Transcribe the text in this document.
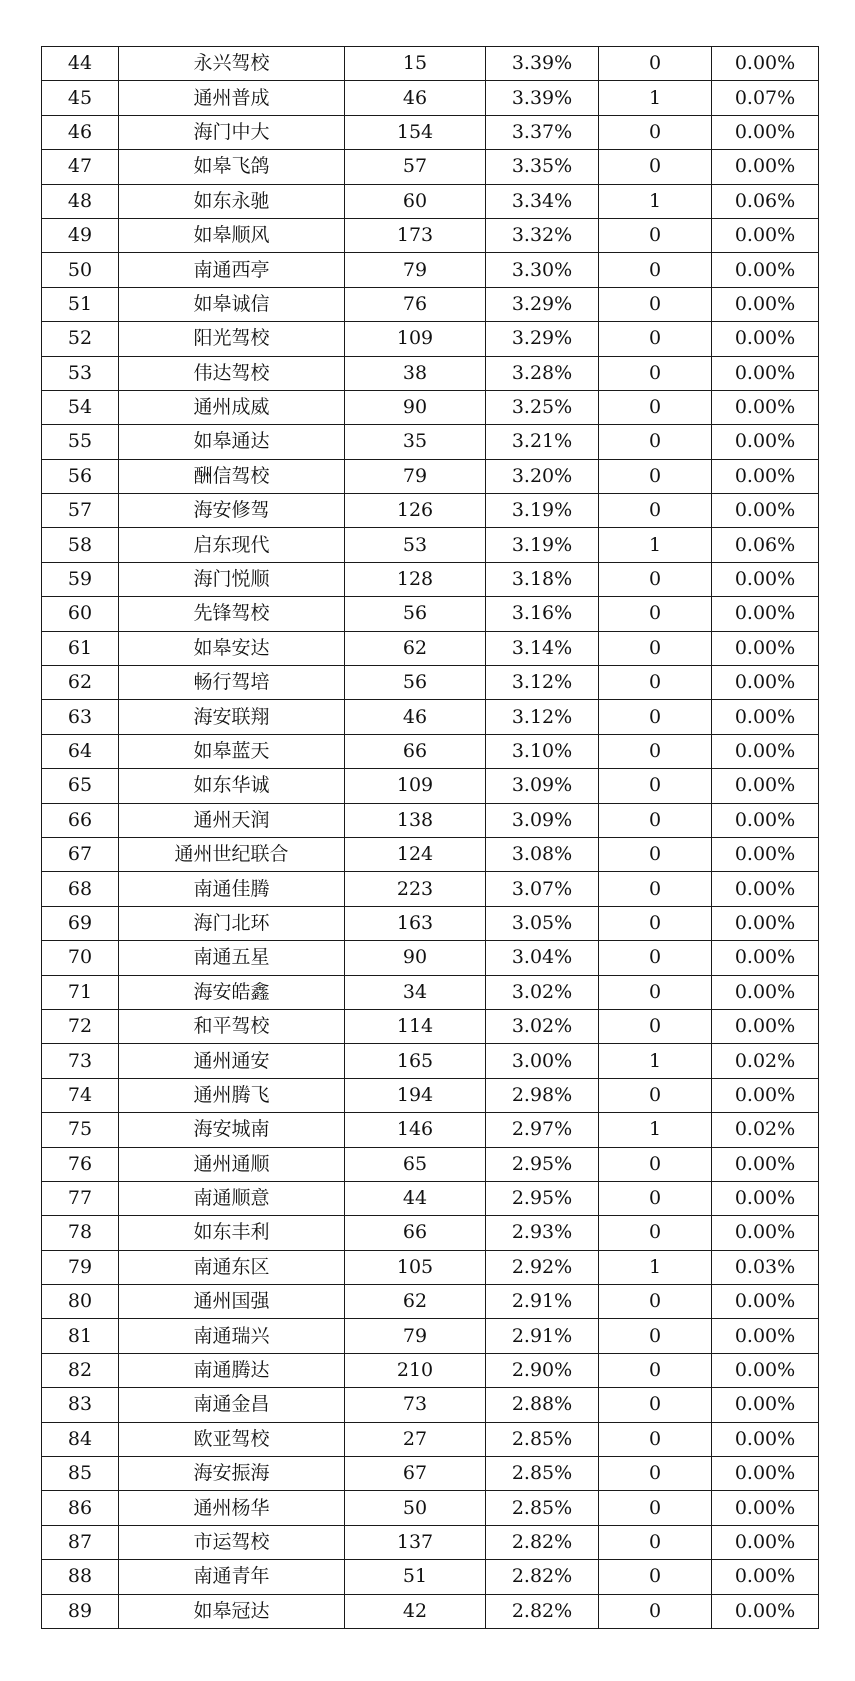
44	永兴驾校	15	3.39%	0	0.00%
45	通州普成	46	3.39%	1	0.07%
46	海门中大	154	3.37%	0	0.00%
47	如皋飞鸽	57	3.35%	0	0.00%
48	如东永驰	60	3.34%	1	0.06%
49	如皋顺风	173	3.32%	0	0.00%
50	南通西亭	79	3.30%	0	0.00%
51	如皋诚信	76	3.29%	0	0.00%
52	阳光驾校	109	3.29%	0	0.00%
53	伟达驾校	38	3.28%	0	0.00%
54	通州成威	90	3.25%	0	0.00%
55	如皋通达	35	3.21%	0	0.00%
56	酬信驾校	79	3.20%	0	0.00%
57	海安修驾	126	3.19%	0	0.00%
58	启东现代	53	3.19%	1	0.06%
59	海门悦顺	128	3.18%	0	0.00%
60	先锋驾校	56	3.16%	0	0.00%
61	如皋安达	62	3.14%	0	0.00%
62	畅行驾培	56	3.12%	0	0.00%
63	海安联翔	46	3.12%	0	0.00%
64	如皋蓝天	66	3.10%	0	0.00%
65	如东华诚	109	3.09%	0	0.00%
66	通州天润	138	3.09%	0	0.00%
67	通州世纪联合	124	3.08%	0	0.00%
68	南通佳腾	223	3.07%	0	0.00%
69	海门北环	163	3.05%	0	0.00%
70	南通五星	90	3.04%	0	0.00%
71	海安皓鑫	34	3.02%	0	0.00%
72	和平驾校	114	3.02%	0	0.00%
73	通州通安	165	3.00%	1	0.02%
74	通州腾飞	194	2.98%	0	0.00%
75	海安城南	146	2.97%	1	0.02%
76	通州通顺	65	2.95%	0	0.00%
77	南通顺意	44	2.95%	0	0.00%
78	如东丰利	66	2.93%	0	0.00%
79	南通东区	105	2.92%	1	0.03%
80	通州国强	62	2.91%	0	0.00%
81	南通瑞兴	79	2.91%	0	0.00%
82	南通腾达	210	2.90%	0	0.00%
83	南通金昌	73	2.88%	0	0.00%
84	欧亚驾校	27	2.85%	0	0.00%
85	海安振海	67	2.85%	0	0.00%
86	通州杨华	50	2.85%	0	0.00%
87	市运驾校	137	2.82%	0	0.00%
88	南通青年	51	2.82%	0	0.00%
89	如皋冠达	42	2.82%	0	0.00%
